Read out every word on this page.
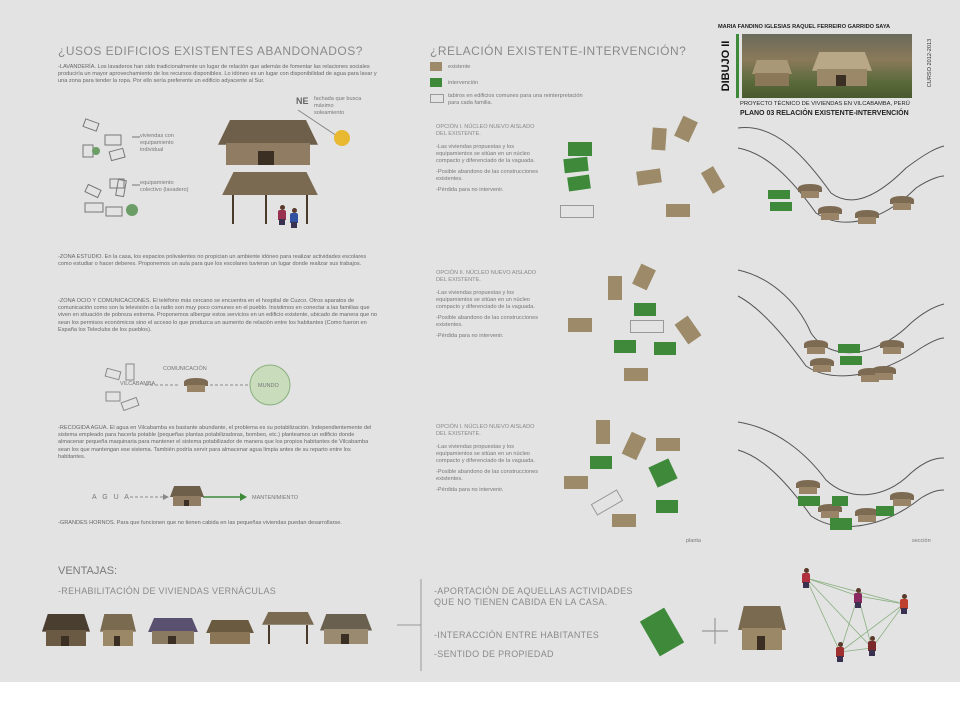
¿USOS EDIFICIOS EXISTENTES ABANDONADOS?
-LAVANDERÍA. Los lavaderos han sido tradicionalmente un lugar de relación que además de fomentar las relaciones sociales produciría un mayor aprovechamiento de los recursos disponibles. Lo idóneo es un lugar con disponibilidad de agua para lavar y una zona para tender la ropa. Por ello sería preferente un edificio adyacente al Sur.
viviendas con equipamiento individual
equipamiento colectivo (lavadero)
NE fachada que busca máximo soleamiento
-ZONA ESTUDIO. En la casa, los espacios polivalentes no propician un ambiente idóneo para realizar actividades escolares como estudiar o hacer deberes. Proponemos un aula para que los escolares tuvieran un lugar donde realizar sus trabajos.
-ZONA OCIO Y COMUNICACIONES. El teléfono más cercano se encuentra en el hospital de Cuzco. Otros aparatos de comunicación como son la televisión o la radio son muy poco comunes en el pueblo. Insistimos en conectar a las familias que viven en situación de pobreza extrema. Proponemos albergar estos servicios en un edificio existente, ubicado de manera que no sean los permisos económicos sino el acceso lo que produzca un aumento de relación entre los habitantes (Como fueron en España los Teleclubs de los pueblos).
COMUNICACIÓN
VILCABAMBA	MUNDO
-RECOGIDA AGUA. El agua en Vilcabamba es bastante abundante, el problema es su potabilización. Independientemente del sistema empleado para hacerla potable (pequeñas plantas potabilizadoras, bombeo, etc.) planteamos un edificio donde almacenar pequeña maquinaria para mantener el sistema potabilizador de manera que los propios habitantes de Vilcabamba sean los que mantengan ese sistema. También podría servir para almacenar agua limpia antes de su reparto entre los habitantes.
A G U A	MANTENIMIENTO
-GRANDES HORNOS. Para que funcionen que no tienen cabida en las pequeñas viviendas puedan desarrollarse.
¿RELACIÓN EXISTENTE-INTERVENCIÓN?
existente
intervención
tabiros en edificios comunes para una reinterpretación para cada familia.
OPCIÓN I. NÚCLEO NUEVO AISLADO DEL EXISTENTE.
-Las viviendas propuestas y los equipamientos se sitúan en un núcleo compacto y diferenciado de la vaguada.
-Posible abandono de las construcciones existentes.
-Pérdida para no intervenir.
OPCIÓN II. NÚCLEO NUEVO AISLADO DEL EXISTENTE.
-Las viviendas propuestas y los equipamientos se sitúan en un núcleo compacto y diferenciado de la vaguada.
-Posible abandono de las construcciones existentes.
-Pérdida para no intervenir.
OPCIÓN I. NÚCLEO NUEVO AISLADO DEL EXISTENTE.
-Las viviendas propuestas y los equipamientos se sitúan en un núcleo compacto y diferenciado de la vaguada.
-Posible abandono de las construcciones existentes.
-Pérdida para no intervenir.
planta	sección
MARÍA FANDIÑO IGLESIAS RAQUEL FERREIRO GARRIDO SAYA
DIBUJO II	CURSO 2012-2013
PROYECTO TÉCNICO DE VIVIENDAS EN VILCABAMBA, PERÚ
PLANO 03 RELACIÓN EXISTENTE-INTERVENCIÓN
VENTAJAS:
-REHABILITACIÓN DE VIVIENDAS VERNÁCULAS	-APORTACIÓN DE AQUELLAS ACTIVIDADES QUE NO TIENEN CABIDA EN LA CASA.
-INTERACCIÓN ENTRE HABITANTES
-SENTIDO DE PROPIEDAD
